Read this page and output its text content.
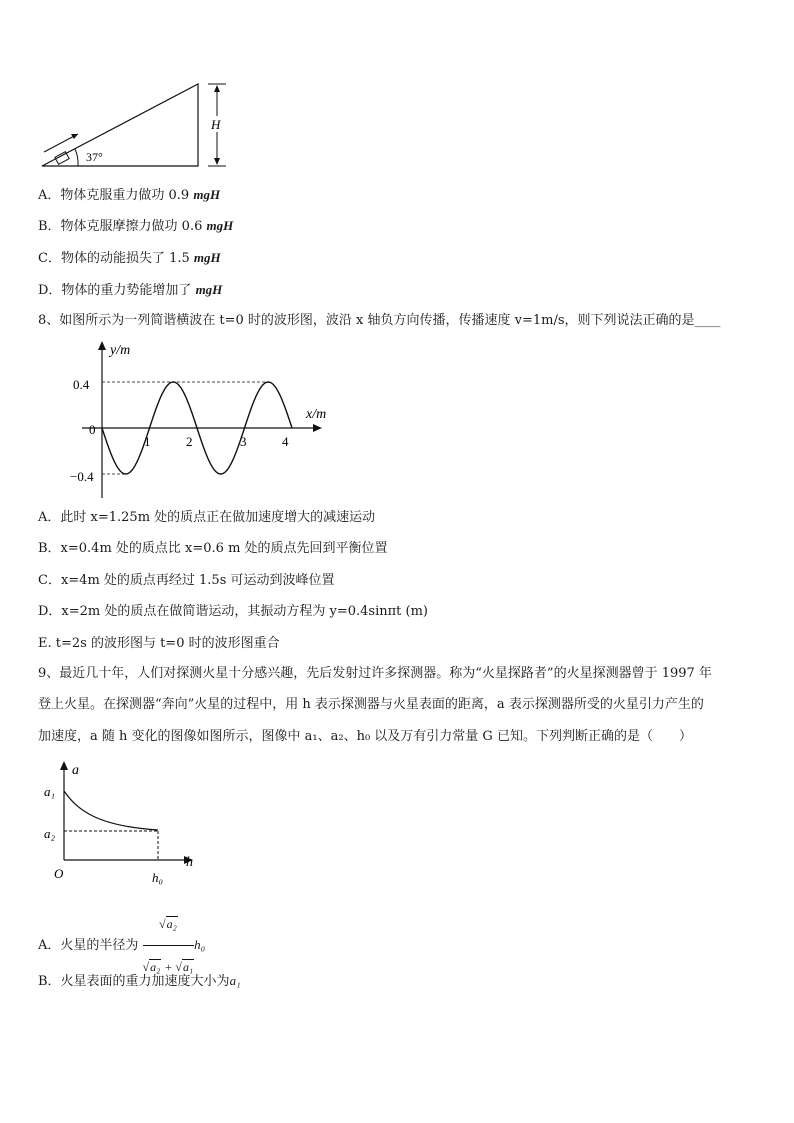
37°
H
A．物体克服重力做功 0.9 mgH
B．物体克服摩擦力做功 0.6 mgH
C．物体的动能损失了 1.5 mgH
D．物体的重力势能增加了 mgH
8、如图所示为一列简谐横波在 t=0 时的波形图，波沿 x 轴负方向传播，传播速度 v=1m/s，则下列说法正确的是____
y/m
x/m
0.4
0
−0.4
1	2	3	4
A．此时 x=1.25m 处的质点正在做加速度增大的减速运动
B．x=0.4m 处的质点比 x=0.6 m 处的质点先回到平衡位置
C．x=4m 处的质点再经过 1.5s 可运动到波峰位置
D．x=2m 处的质点在做简谐运动，其振动方程为 y=0.4sinπt (m)
E. t=2s 的波形图与 t=0 时的波形图重合
9、最近几十年，人们对探测火星十分感兴趣，先后发射过许多探测器。称为“火星探路者”的火星探测器曾于 1997 年
登上火星。在探测器“奔向”火星的过程中，用 h 表示探测器与火星表面的距离，a 表示探测器所受的火星引力产生的
加速度，a 随 h 变化的图像如图所示，图像中 a₁、a₂、h₀ 以及万有引力常量 G 已知。下列判断正确的是（　　）
a
h
O
a₁
a₂
h₀
A．火星的半径为 $\frac{\text{√a₂}}{\text{√a₂ + √a₁}} h_0$
B．火星表面的重力加速度大小为a₁
